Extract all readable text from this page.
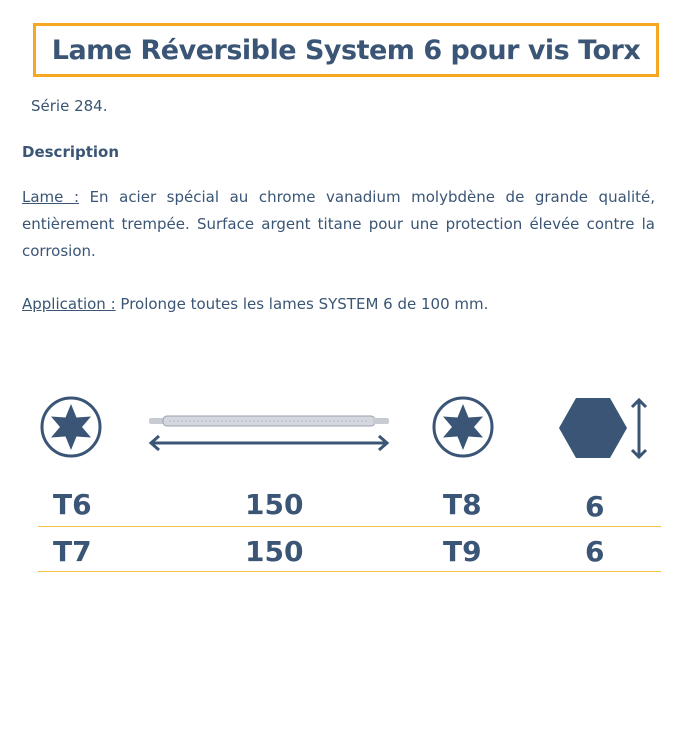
Lame Réversible System 6 pour vis Torx
Série 284.
Description
Lame : En acier spécial au chrome vanadium molybdène de grande qualité, entièrement trempée. Surface argent titane pour une protection élevée contre la corrosion.
Application : Prolonge toutes les lames SYSTEM 6 de 100 mm.
T6	150	T8	6
T7	150	T9	6
